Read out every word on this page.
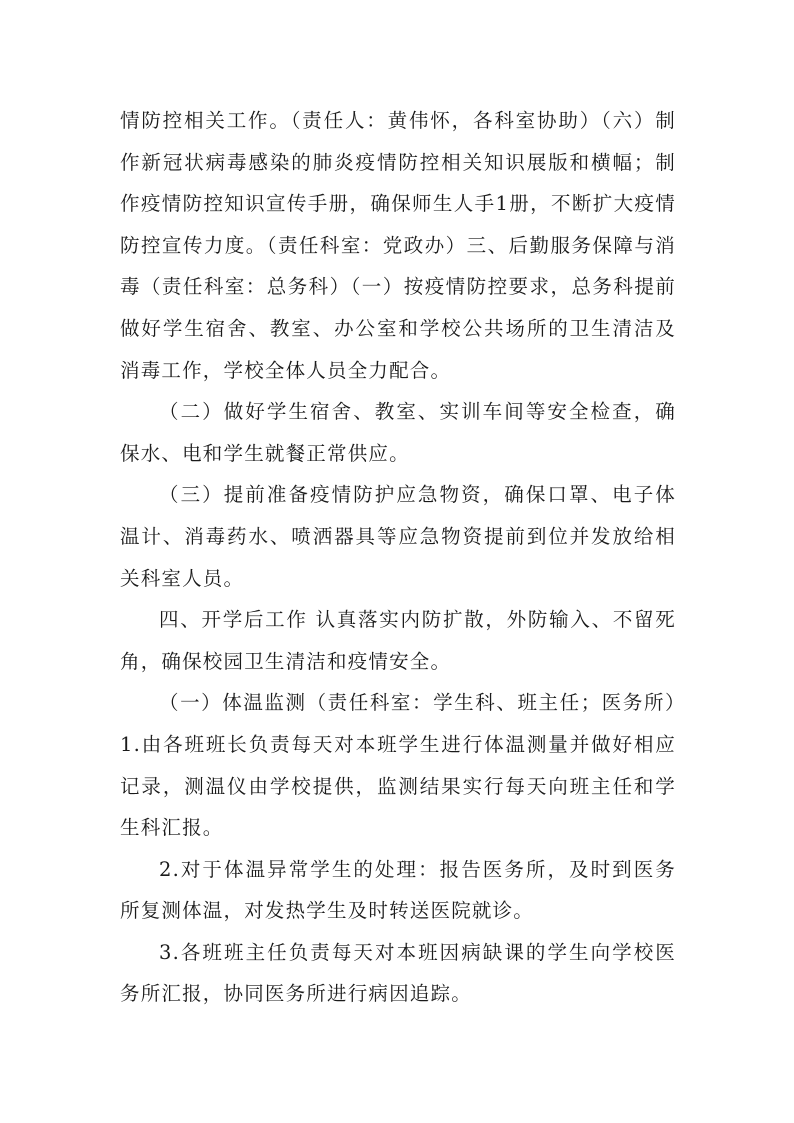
情防控相关工作。（责任人：黄伟怀，各科室协助）（六）制作新冠状病毒感染的肺炎疫情防控相关知识展版和横幅；制作疫情防控知识宣传手册，确保师生人手1册，不断扩大疫情防控宣传力度。（责任科室：党政办）三、后勤服务保障与消毒（责任科室：总务科）（一）按疫情防控要求，总务科提前做好学生宿舍、教室、办公室和学校公共场所的卫生清洁及消毒工作，学校全体人员全力配合。

（二）做好学生宿舍、教室、实训车间等安全检查，确保水、电和学生就餐正常供应。

（三）提前准备疫情防护应急物资，确保口罩、电子体温计、消毒药水、喷洒器具等应急物资提前到位并发放给相关科室人员。

四、开学后工作 认真落实内防扩散，外防输入、不留死角，确保校园卫生清洁和疫情安全。

（一）体温监测（责任科室：学生科、班主任；医务所）1.由各班班长负责每天对本班学生进行体温测量并做好相应记录，测温仪由学校提供，监测结果实行每天向班主任和学生科汇报。

2.对于体温异常学生的处理：报告医务所，及时到医务所复测体温，对发热学生及时转送医院就诊。

3.各班班主任负责每天对本班因病缺课的学生向学校医务所汇报，协同医务所进行病因追踪。
